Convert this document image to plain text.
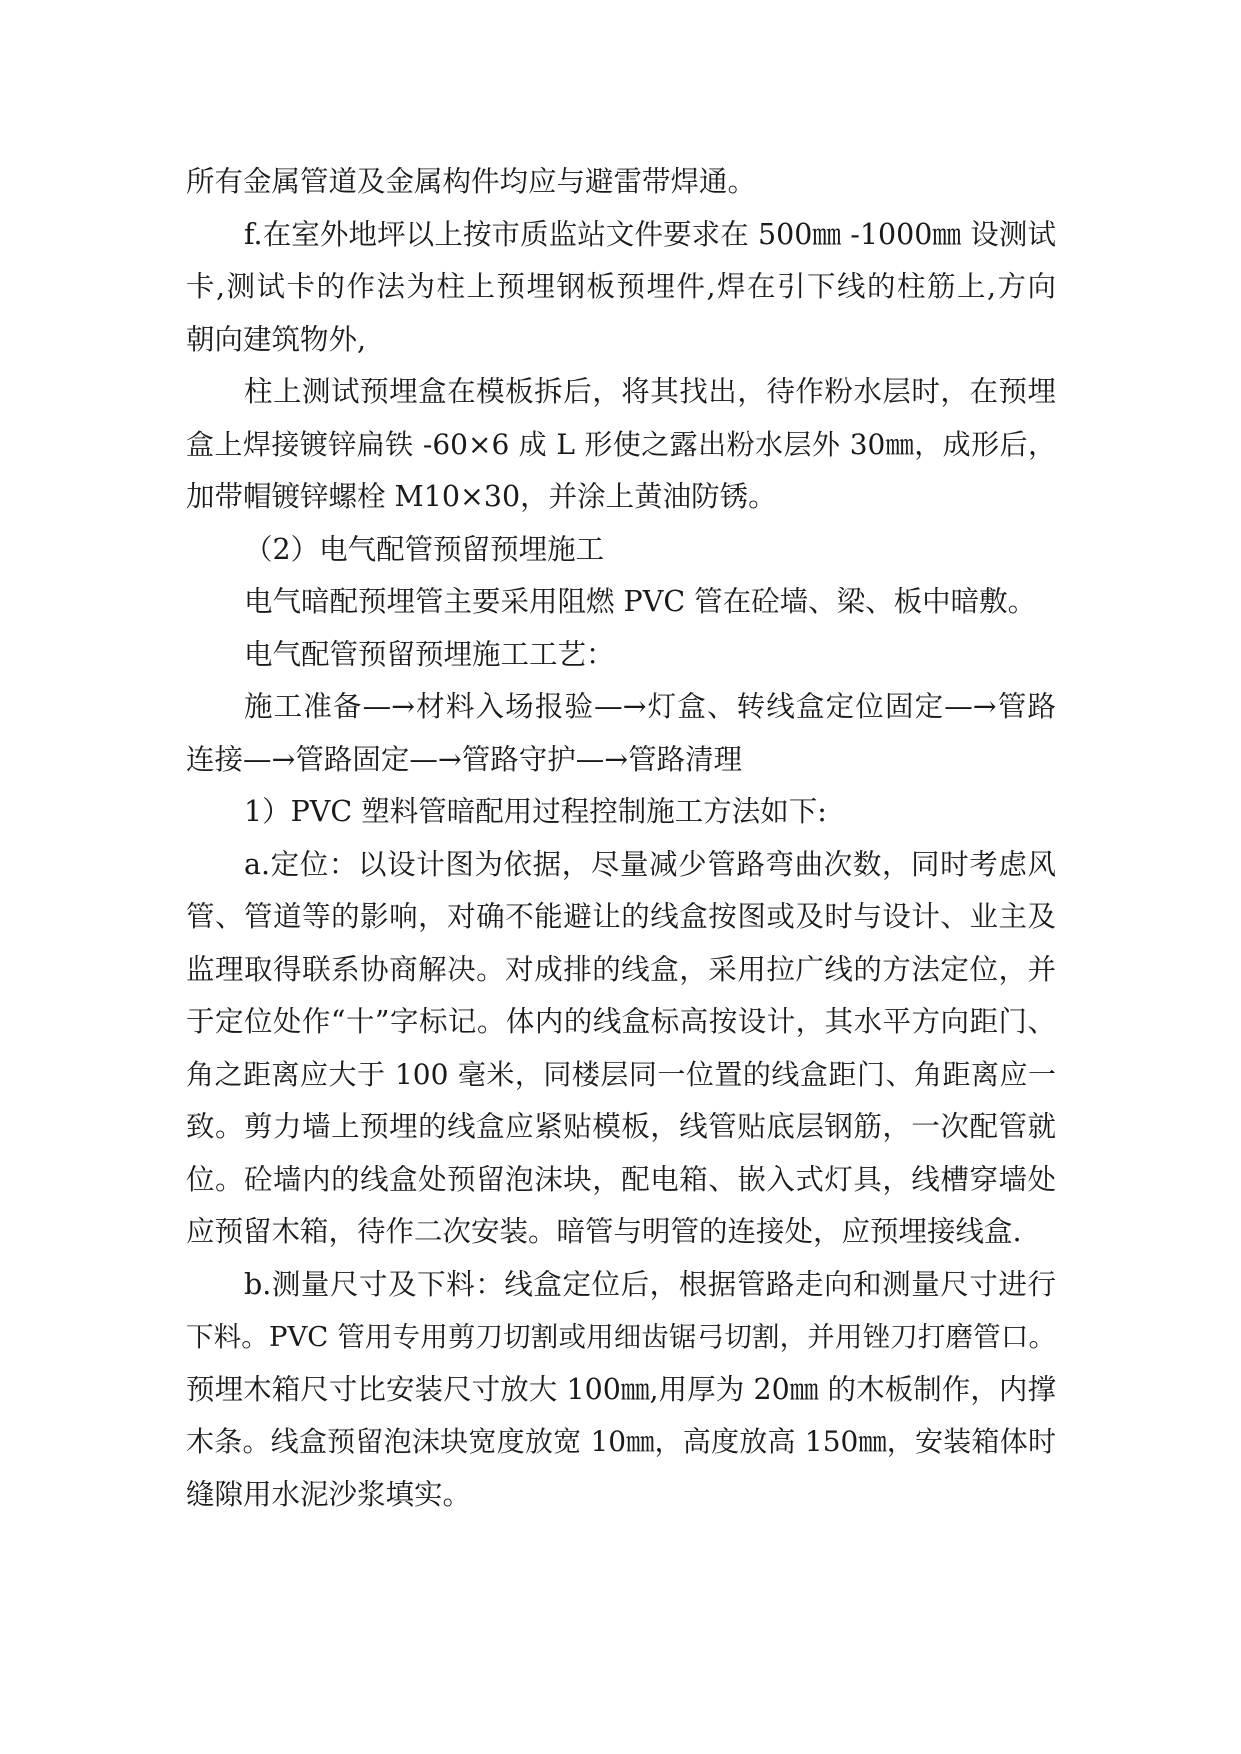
所有金属管道及金属构件均应与避雷带焊通。
f.在室外地坪以上按市质监站文件要求在 500㎜ -1000㎜ 设测试
卡,测试卡的作法为柱上预埋钢板预埋件,焊在引下线的柱筋上,方向
朝向建筑物外,
柱上测试预埋盒在模板拆后，将其找出，待作粉水层时，在预埋
盒上焊接镀锌扁铁 -60×6 成 L 形使之露出粉水层外 30㎜，成形后，
加带帽镀锌螺栓 M10×30，并涂上黄油防锈。
（2）电气配管预留预埋施工
电气暗配预埋管主要采用阻燃 PVC 管在砼墙、梁、板中暗敷。
电气配管预留预埋施工工艺：
施工准备—→材料入场报验—→灯盒、转线盒定位固定—→管路
连接—→管路固定—→管路守护—→管路清理
1）PVC 塑料管暗配用过程控制施工方法如下:
a.定位：以设计图为依据，尽量减少管路弯曲次数，同时考虑风
管、管道等的影响，对确不能避让的线盒按图或及时与设计、业主及
监理取得联系协商解决。对成排的线盒，采用拉广线的方法定位，并
于定位处作“十”字标记。体内的线盒标高按设计，其水平方向距门、
角之距离应大于 100 毫米，同楼层同一位置的线盒距门、角距离应一
致。剪力墙上预埋的线盒应紧贴模板，线管贴底层钢筋，一次配管就
位。砼墙内的线盒处预留泡沫块，配电箱、嵌入式灯具，线槽穿墙处
应预留木箱，待作二次安装。暗管与明管的连接处，应预埋接线盒.
b.测量尺寸及下料：线盒定位后，根据管路走向和测量尺寸进行
下料。PVC 管用专用剪刀切割或用细齿锯弓切割，并用锉刀打磨管口。
预埋木箱尺寸比安装尺寸放大 100㎜,用厚为 20㎜ 的木板制作，内撑
木条。线盒预留泡沫块宽度放宽 10㎜，高度放高 150㎜，安装箱体时
缝隙用水泥沙浆填实。
